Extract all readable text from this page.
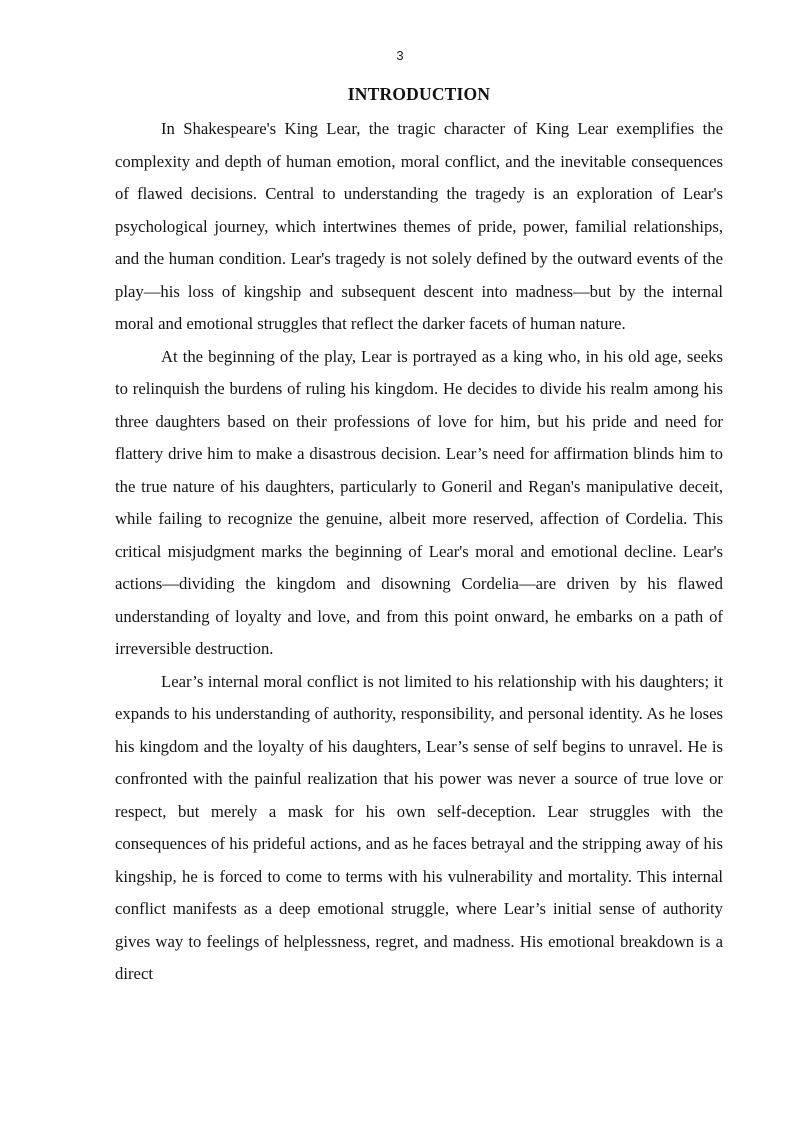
3

INTRODUCTION

In Shakespeare's King Lear, the tragic character of King Lear exemplifies the complexity and depth of human emotion, moral conflict, and the inevitable consequences of flawed decisions. Central to understanding the tragedy is an exploration of Lear's psychological journey, which intertwines themes of pride, power, familial relationships, and the human condition. Lear's tragedy is not solely defined by the outward events of the play—his loss of kingship and subsequent descent into madness—but by the internal moral and emotional struggles that reflect the darker facets of human nature.

At the beginning of the play, Lear is portrayed as a king who, in his old age, seeks to relinquish the burdens of ruling his kingdom. He decides to divide his realm among his three daughters based on their professions of love for him, but his pride and need for flattery drive him to make a disastrous decision. Lear’s need for affirmation blinds him to the true nature of his daughters, particularly to Goneril and Regan's manipulative deceit, while failing to recognize the genuine, albeit more reserved, affection of Cordelia. This critical misjudgment marks the beginning of Lear's moral and emotional decline. Lear's actions—dividing the kingdom and disowning Cordelia—are driven by his flawed understanding of loyalty and love, and from this point onward, he embarks on a path of irreversible destruction.

Lear’s internal moral conflict is not limited to his relationship with his daughters; it expands to his understanding of authority, responsibility, and personal identity. As he loses his kingdom and the loyalty of his daughters, Lear’s sense of self begins to unravel. He is confronted with the painful realization that his power was never a source of true love or respect, but merely a mask for his own self-deception. Lear struggles with the consequences of his prideful actions, and as he faces betrayal and the stripping away of his kingship, he is forced to come to terms with his vulnerability and mortality. This internal conflict manifests as a deep emotional struggle, where Lear’s initial sense of authority gives way to feelings of helplessness, regret, and madness. His emotional breakdown is a direct
